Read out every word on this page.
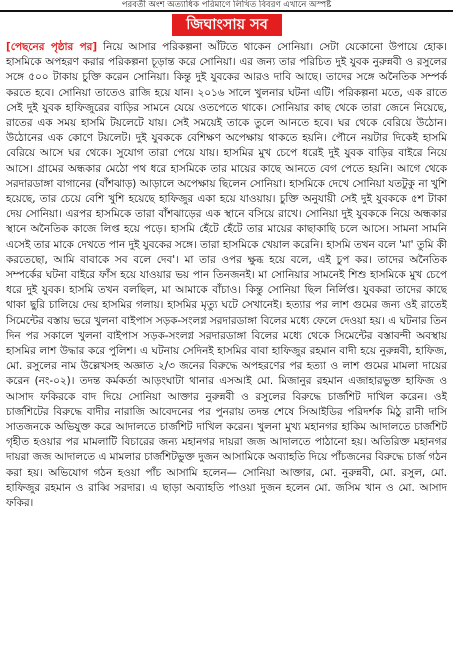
পরবর্তী অংশ অত্যাধিক পরিমাণে লিখিত বিবরণ এখানে অস্পষ্ট
জিঘাংসায় সব

[পেছনের পৃষ্ঠার পর] নিয়ে আসার পরিকল্পনা আঁটতে থাকেন সোনিয়া। সেটা যেকোনো উপায়ে হোক। হাসমিকে অপহরণ করার পরিকল্পনা চূড়ান্ত করে সোনিয়া। এর জন্য তার পরিচিত দুই যুবক নুরুন্নবী ও রসুলের সঙ্গে ৫০০ টাকায় চুক্তি করেন সোনিয়া। কিন্তু দুই যুবকের আরও দাবি আছে। তাদের সঙ্গে অনৈতিক সম্পর্ক করতে হবে। সোনিয়া তাতেও রাজি হয়ে যান। ২০১৬ সালে খুলনার ঘটনা এটি। পরিকল্পনা মতে, এক রাতে সেই দুই যুবক হাফিজুরের বাড়ির সামনে যেয়ে ওতপেতে থাকে। সোনিয়ার কাছ থেকে তারা জেনে নিয়েছে, রাতের এক সময় হাসমি টয়লেটে যায়। সেই সময়েই তাকে তুলে আনতে হবে। ঘর থেকে বেরিয়ে উঠোন। উঠোনের এক কোণে টয়লেট। দুই যুবককে বেশিক্ষণ অপেক্ষায় থাকতে হয়নি। পৌনে নয়টার দিকেই হাসমি বেরিয়ে আসে ঘর থেকে। সুযোগ তারা পেয়ে যায়। হাসমির মুখ চেপে ধরেই দুই যুবক বাড়ির বাইরে নিয়ে আসে। গ্রামের অন্ধকার মেঠো পথ ধরে হাসমিকে তার মায়ের কাছে আনতে বেগ পেতে হয়নি। আগে থেকে সরদারডাঙ্গা বাগানের (বাঁশঝাড়) আড়ালে অপেক্ষায় ছিলেন সোনিয়া। হাসমিকে দেখে সোনিয়া যতটুকু না খুশি হয়েছে, তার চেয়ে বেশি খুশি হয়েছে হাফিজুর একা হয়ে যাওয়ায়। চুক্তি অনুযায়ী সেই দুই যুবককে ৫শ টাকা দেয় সোনিয়া। এরপর হাসমিকে তারা বাঁশঝাড়ের এক স্থানে বসিয়ে রাখে। সোনিয়া দুই যুবককে নিয়ে অন্ধকার স্থানে অনৈতিক কাজে লিপ্ত হয়ে পড়ে। হাসমি হেঁটে হেঁটে তার মায়ের কাছাকাছি চলে আসে। সামনা সামনি এসেই তার মাকে দেখতে পান দুই যুবকের সঙ্গে। তারা হাসমিকে খেয়াল করেনি। হাসমি তখন বলে 'মা' তুমি কী করতেছো, আমি বাবাকে সব বলে দেব'। মা তার ওপর ক্ষুব্ধ হয়ে বলে, এই চুপ কর। তাদের অনৈতিক সম্পর্কের ঘটনা বাইরে ফাঁস হয়ে যাওয়ার ভয় পান তিনজনই। মা সোনিয়ার সামনেই শিশু হাসমিকে মুখ চেপে ধরে দুই যুবক। হাসমি তখন বলছিল, মা আমাকে বাঁচাও। কিন্তু সোনিয়া ছিল নির্লিপ্ত। যুবকরা তাদের কাছে থাকা ছুরি চালিয়ে দেয় হাসমির গলায়। হাসমির মৃত্যু ঘটে সেখানেই। হত্যার পর লাশ গুমের জন্য ওই রাতেই সিমেন্টের বস্তায় ভরে খুলনা বাইপাস সড়ক-সংলগ্ন সরদারডাঙ্গা বিলের মধ্যে ফেলে দেওয়া হয়। এ ঘটনার তিন দিন পর সকালে খুলনা বাইপাস সড়ক-সংলগ্ন সরদারডাঙ্গা বিলের মধ্যে থেকে সিমেন্টের বস্তাবন্দী অবস্থায় হাসমির লাশ উদ্ধার করে পুলিশ। এ ঘটনায় সেদিনই হাসমির বাবা হাফিজুর রহমান বাদী হয়ে নুরুন্নবী, হাফিজ, মো. রসুলের নাম উল্লেখসহ অজ্ঞাত ২/৩ জনের বিরুদ্ধে অপহরণের পর হত্যা ও লাশ গুমের মামলা দায়ের করেন (নং-০২)। তদন্ত কর্মকর্তা আড়ংঘাটা থানার এসআই মো. মিজানুর রহমান এজাহারভুক্ত হাফিজ ও আসাদ ফকিরকে বাদ দিয়ে সোনিয়া আক্তার নুরুন্নবী ও রসুলের বিরুদ্ধে চার্জশিট দাখিল করেন। ওই চার্জশিটের বিরুদ্ধে বাদীর নারাজি আবেদনের পর পুনরায় তদন্ত শেষে সিআইডির পরিদর্শক মিঠু রানী দাসি সাতজনকে অভিযুক্ত করে আদালতে চার্জশিট দাখিল করেন। খুলনা মুখ্য মহানগর হাকিম আদালতে চার্জশিট গৃহীত হওয়ার পর মামলাটি বিচারের জন্য মহানগর দায়রা জজ আদালতে পাঠানো হয়। অতিরিক্ত মহানগর দায়রা জজ আদালতে এ মামলার চার্জশিটভুক্ত দুজন আসামিকে অব্যাহতি দিয়ে পাঁচজনের বিরুদ্ধে চার্জ গঠন করা হয়। অভিযোগ গঠন হওয়া পাঁচ আসামি হলেন— সোনিয়া আক্তার, মো. নুরুন্নবী, মো. রসুল, মো. হাফিজুর রহমান ও রাব্বি সরদার। এ ছাড়া অব্যাহতি পাওয়া দুজন হলেন মো. জসিম খান ও মো. আসাদ ফকির।
